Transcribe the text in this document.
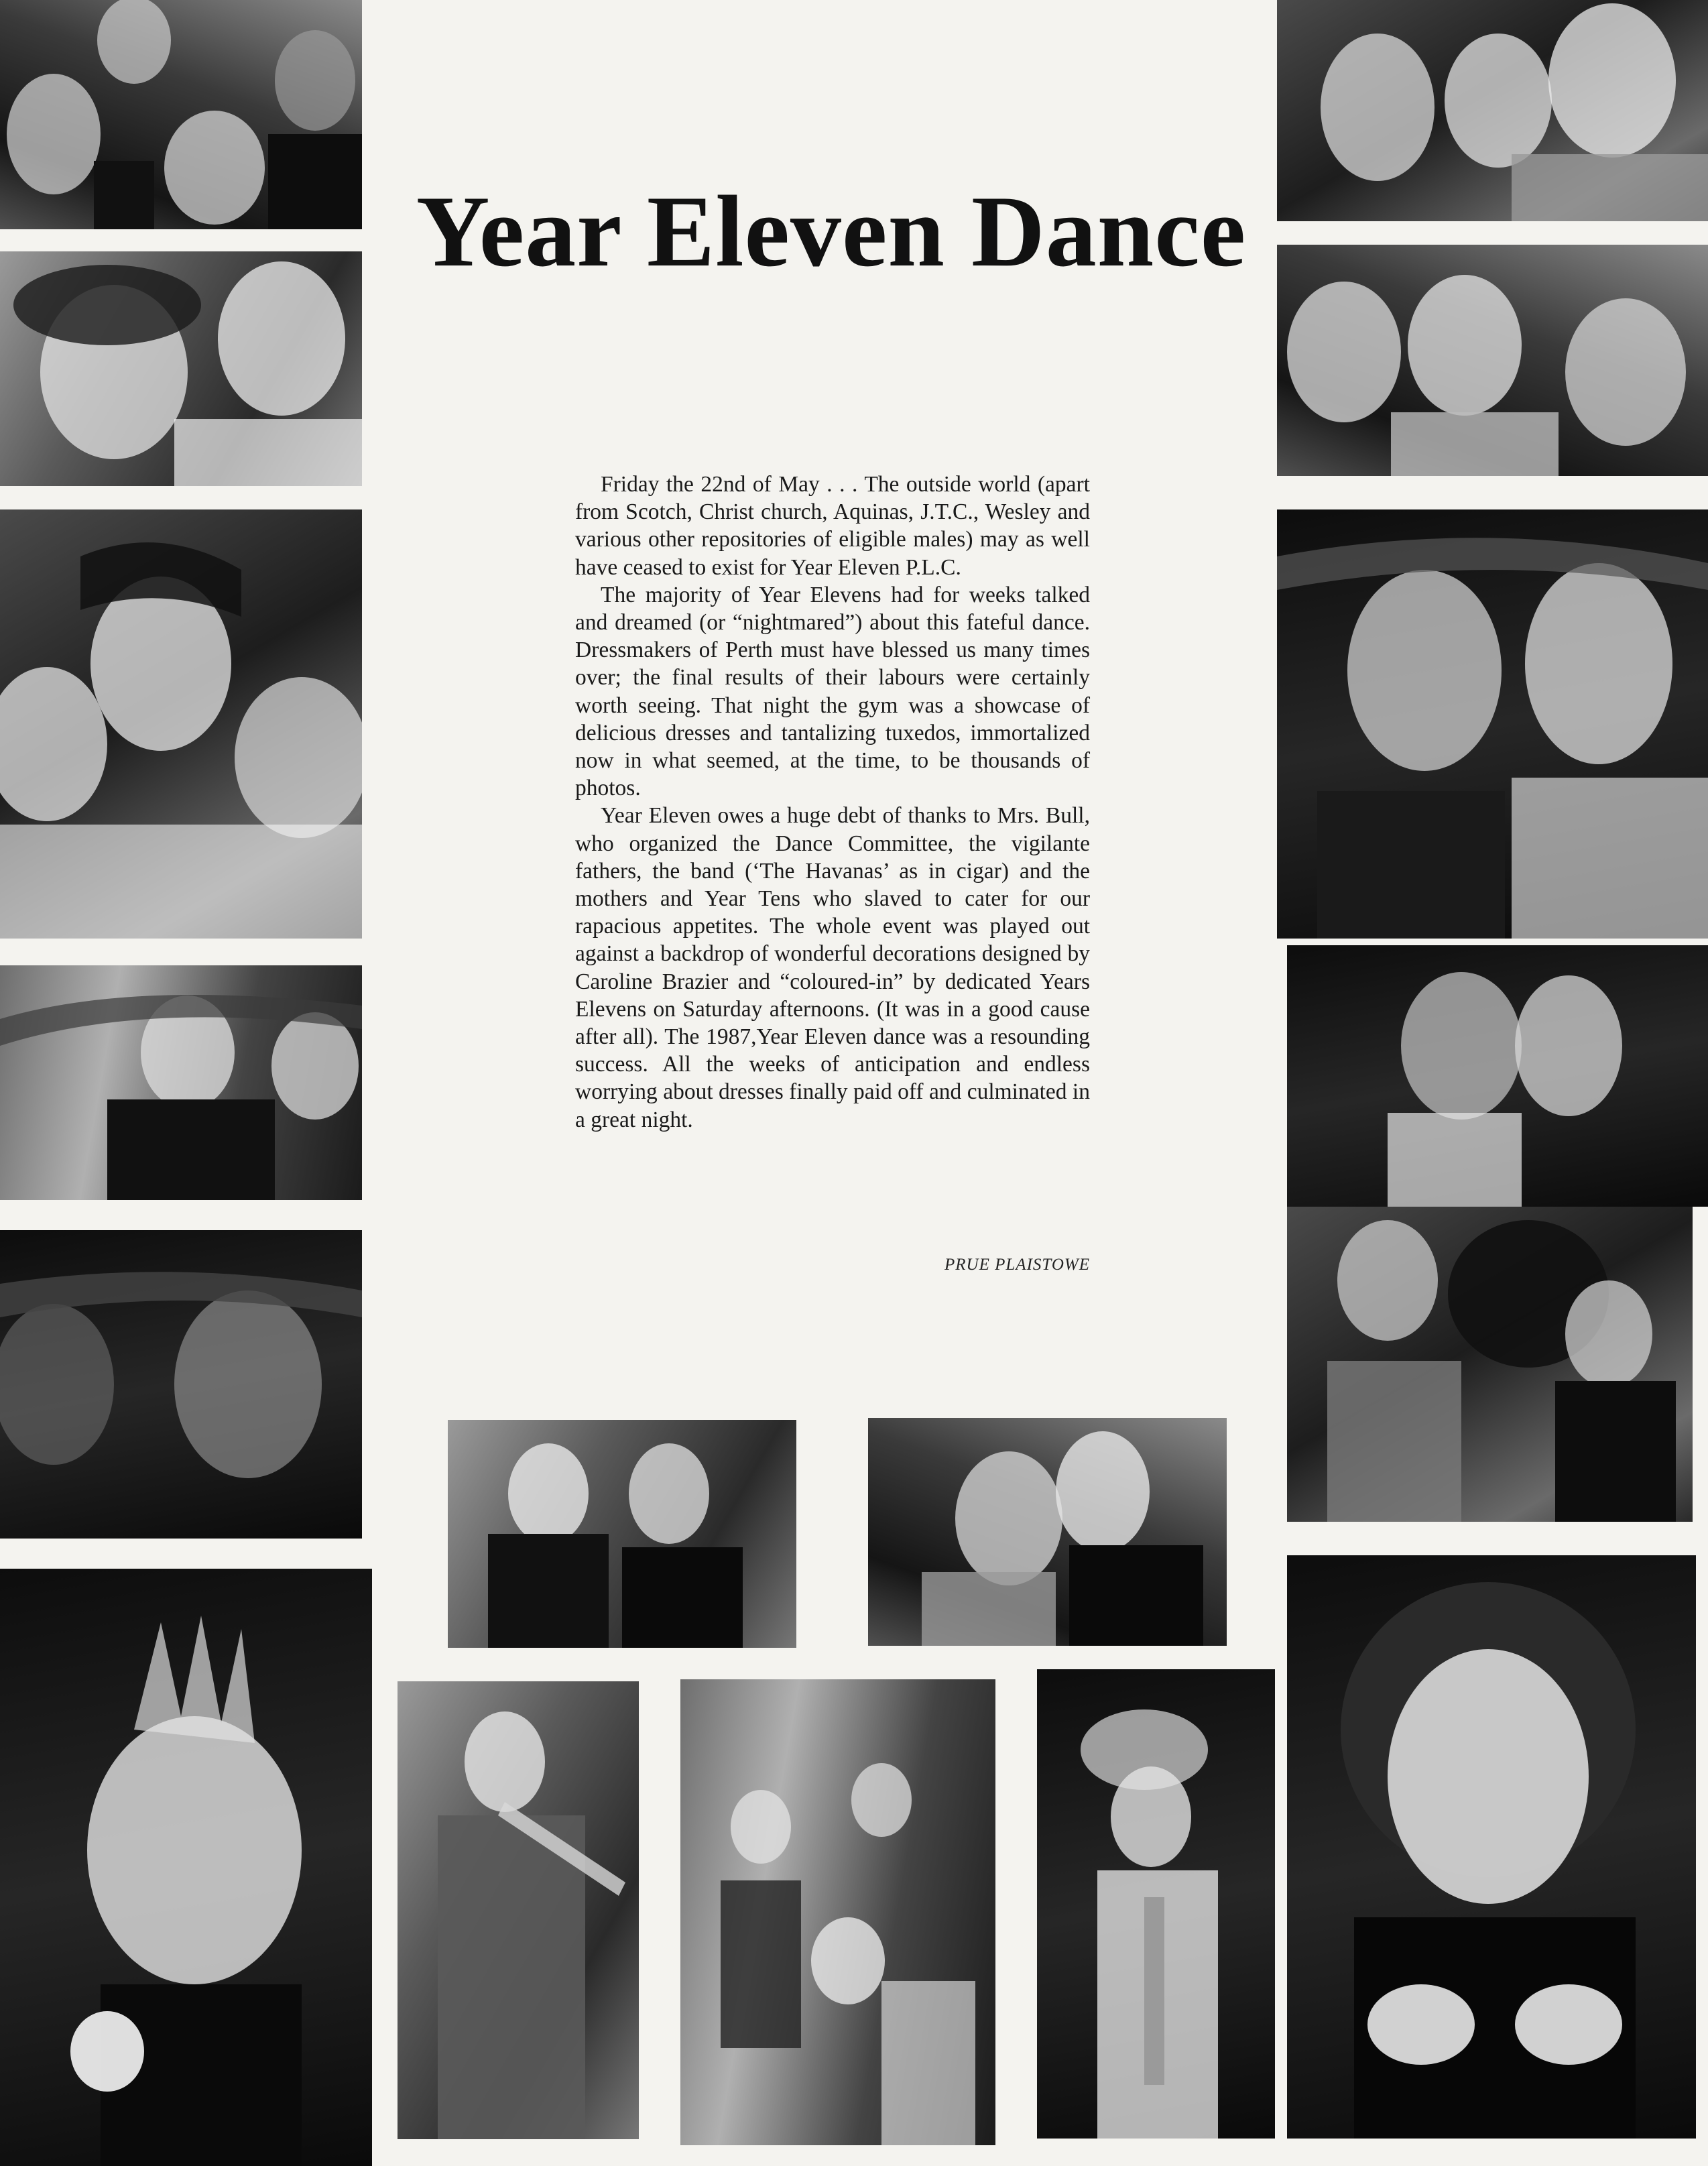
Year Eleven Dance

Friday the 22nd of May . . . The outside world (apart from Scotch, Christ church, Aquinas, J.T.C., Wesley and various other repositories of eligible males) may as well have ceased to exist for Year Eleven P.L.C.

The majority of Year Elevens had for weeks talked and dreamed (or “nightmared”) about this fateful dance. Dressmakers of Perth must have blessed us many times over; the final results of their labours were certainly worth seeing. That night the gym was a showcase of delicious dresses and tantalizing tuxedos, immortalized now in what seemed, at the time, to be thousands of photos.

Year Eleven owes a huge debt of thanks to Mrs. Bull, who organized the Dance Committee, the vigilante fathers, the band (‘The Havanas’ as in cigar) and the mothers and Year Tens who slaved to cater for our rapacious appetites. The whole event was played out against a backdrop of wonderful decorations designed by Caroline Brazier and “coloured-in” by dedicated Years Elevens on Saturday afternoons. (It was in a good cause after all). The 1987,Year Eleven dance was a resounding success. All the weeks of anticipation and endless worrying about dresses finally paid off and culminated in a great night.

PRUE PLAISTOWE
